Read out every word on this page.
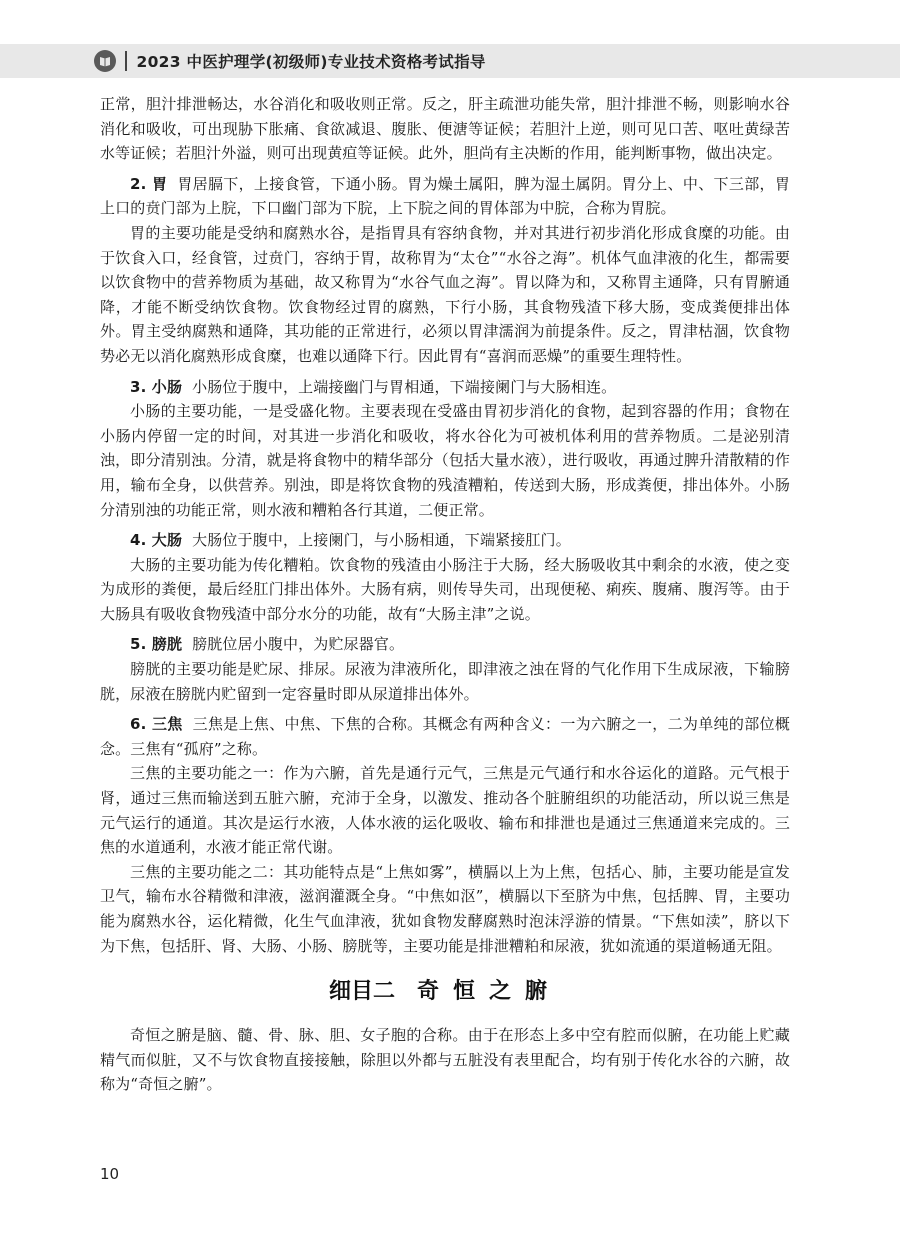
2023 中医护理学(初级师)专业技术资格考试指导

正常，胆汁排泄畅达，水谷消化和吸收则正常。反之，肝主疏泄功能失常，胆汁排泄不畅，则影响水谷消化和吸收，可出现胁下胀痛、食欲减退、腹胀、便溏等证候；若胆汁上逆，则可见口苦、呕吐黄绿苦水等证候；若胆汁外溢，则可出现黄疸等证候。此外，胆尚有主决断的作用，能判断事物，做出决定。

2. 胃 胃居膈下，上接食管，下通小肠。胃为燥土属阳，脾为湿土属阴。胃分上、中、下三部，胃上口的贲门部为上脘，下口幽门部为下脘，上下脘之间的胃体部为中脘，合称为胃脘。

胃的主要功能是受纳和腐熟水谷，是指胃具有容纳食物，并对其进行初步消化形成食糜的功能。由于饮食入口，经食管，过贲门，容纳于胃，故称胃为“太仓”“水谷之海”。机体气血津液的化生，都需要以饮食物中的营养物质为基础，故又称胃为“水谷气血之海”。胃以降为和，又称胃主通降，只有胃腑通降，才能不断受纳饮食物。饮食物经过胃的腐熟，下行小肠，其食物残渣下移大肠，变成粪便排出体外。胃主受纳腐熟和通降，其功能的正常进行，必须以胃津濡润为前提条件。反之，胃津枯涸，饮食物势必无以消化腐熟形成食糜，也难以通降下行。因此胃有“喜润而恶燥”的重要生理特性。

3. 小肠 小肠位于腹中，上端接幽门与胃相通，下端接阑门与大肠相连。

小肠的主要功能，一是受盛化物。主要表现在受盛由胃初步消化的食物，起到容器的作用；食物在小肠内停留一定的时间，对其进一步消化和吸收，将水谷化为可被机体利用的营养物质。二是泌别清浊，即分清别浊。分清，就是将食物中的精华部分（包括大量水液），进行吸收，再通过脾升清散精的作用，输布全身，以供营养。别浊，即是将饮食物的残渣糟粕，传送到大肠，形成粪便，排出体外。小肠分清别浊的功能正常，则水液和糟粕各行其道，二便正常。

4. 大肠 大肠位于腹中，上接阑门，与小肠相通，下端紧接肛门。

大肠的主要功能为传化糟粕。饮食物的残渣由小肠注于大肠，经大肠吸收其中剩余的水液，使之变为成形的粪便，最后经肛门排出体外。大肠有病，则传导失司，出现便秘、痢疾、腹痛、腹泻等。由于大肠具有吸收食物残渣中部分水分的功能，故有“大肠主津”之说。

5. 膀胱 膀胱位居小腹中，为贮尿器官。

膀胱的主要功能是贮尿、排尿。尿液为津液所化，即津液之浊在肾的气化作用下生成尿液，下输膀胱，尿液在膀胱内贮留到一定容量时即从尿道排出体外。

6. 三焦 三焦是上焦、中焦、下焦的合称。其概念有两种含义：一为六腑之一，二为单纯的部位概念。三焦有“孤府”之称。

三焦的主要功能之一：作为六腑，首先是通行元气，三焦是元气通行和水谷运化的道路。元气根于肾，通过三焦而输送到五脏六腑，充沛于全身，以激发、推动各个脏腑组织的功能活动，所以说三焦是元气运行的通道。其次是运行水液，人体水液的运化吸收、输布和排泄也是通过三焦通道来完成的。三焦的水道通利，水液才能正常代谢。

三焦的主要功能之二：其功能特点是“上焦如雾”，横膈以上为上焦，包括心、肺，主要功能是宣发卫气，输布水谷精微和津液，滋润灌溉全身。“中焦如沤”，横膈以下至脐为中焦，包括脾、胃，主要功能为腐熟水谷，运化精微，化生气血津液，犹如食物发酵腐熟时泡沫浮游的情景。“下焦如渎”，脐以下为下焦，包括肝、肾、大肠、小肠、膀胱等，主要功能是排泄糟粕和尿液，犹如流通的渠道畅通无阻。

细目二 奇恒之腑

奇恒之腑是脑、髓、骨、脉、胆、女子胞的合称。由于在形态上多中空有腔而似腑，在功能上贮藏精气而似脏，又不与饮食物直接接触，除胆以外都与五脏没有表里配合，均有别于传化水谷的六腑，故称为“奇恒之腑”。

10
